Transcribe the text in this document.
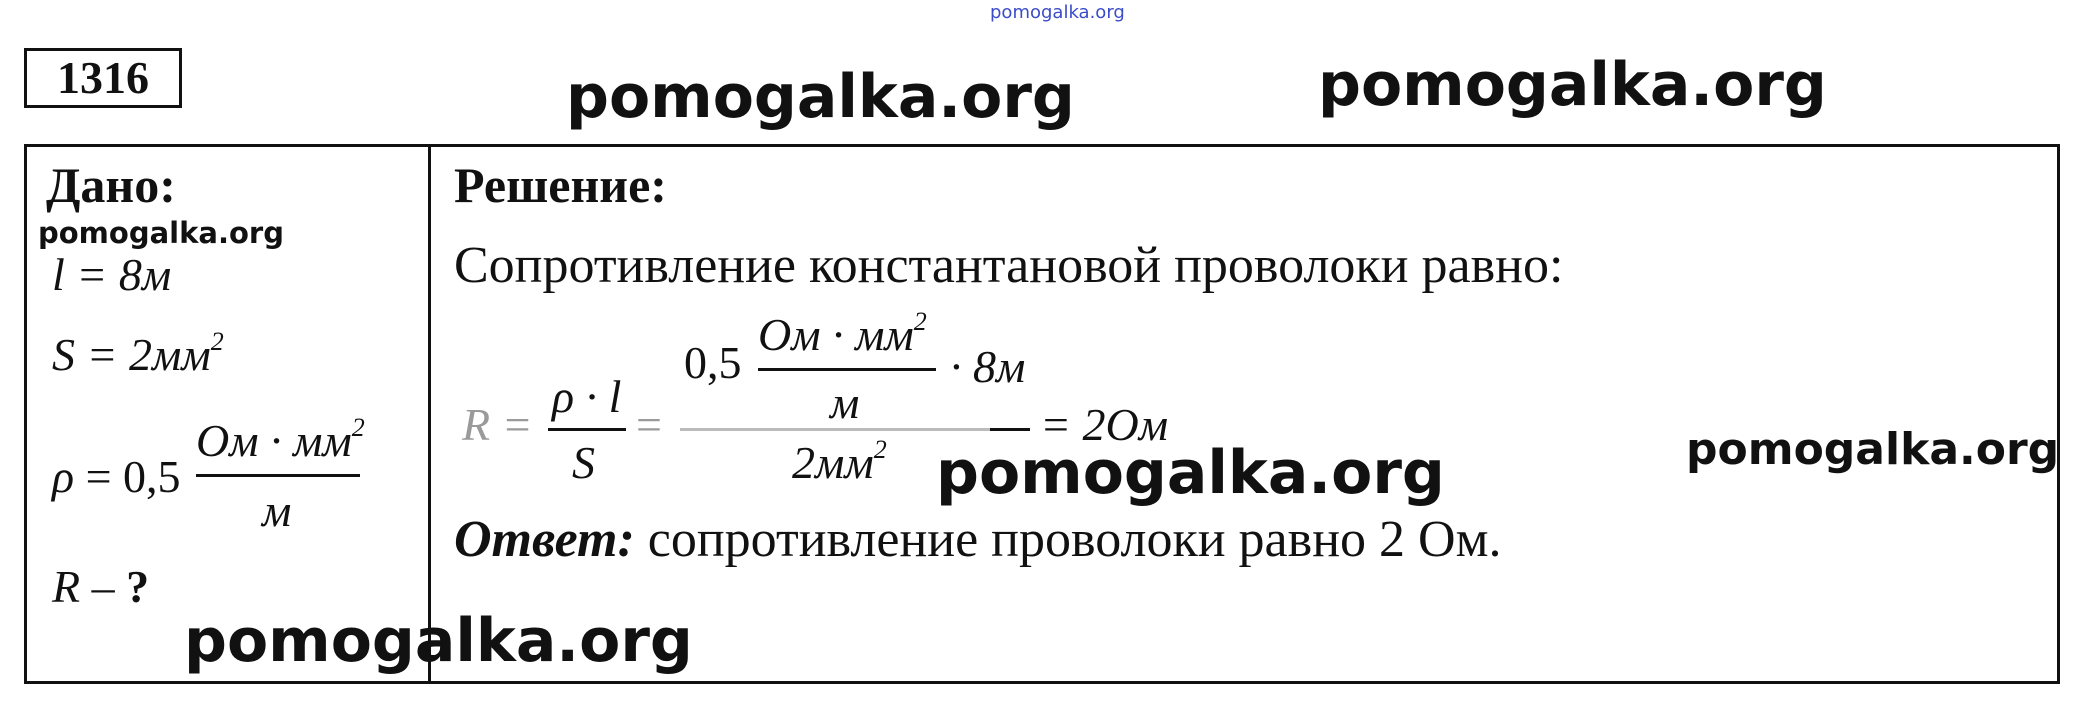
pomogalka.org
pomogalka.org	pomogalka.org
1316
Дано:
pomogalka.org
l = 8м
$S = 2мм^2$
ρ = 0,5
Ом · $мм^2$
м
R – ?
pomogalka.org
Решение:
Сопротивление константановой проволоки равно:
R =
ρ · l
S
=
0,5
Ом · $мм^2$
м
· 8м
$2мм^2$	= 2Ом
pomogalka.org	pomogalka.org
Ответ: сопротивление проволоки равно 2 Ом.
